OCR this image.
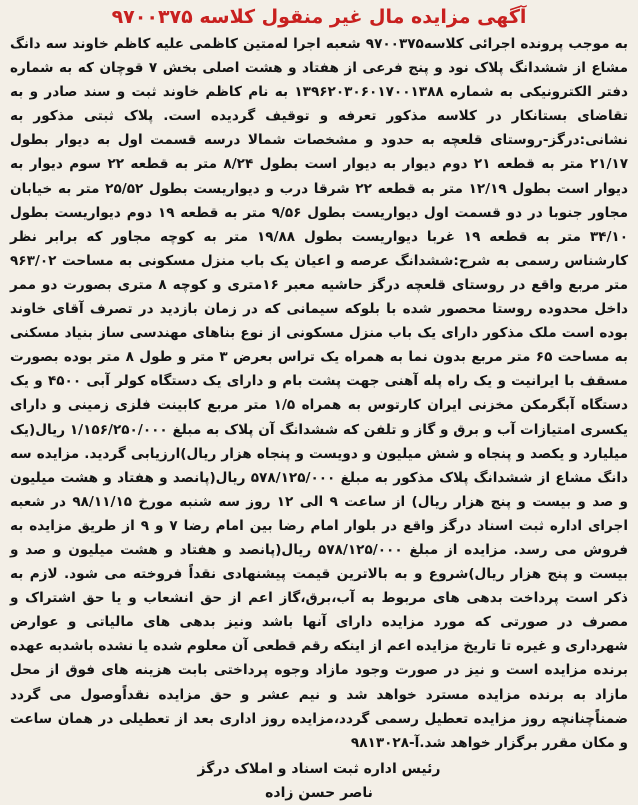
آگهی مزایده مال غیر منقول کلاسه ۹۷۰۰۳۷۵

به موجب پرونده اجرائی کلاسه۹۷۰۰۳۷۵ شعبه اجرا له‌متین کاظمی علیه کاظم خاوند سه دانگ مشاع از ششدانگ پلاک نود و پنج فرعی از هفتاد و هشت اصلی بخش ۷ قوچان که به شماره دفتر الکترونیکی به شماره ۱۳۹۶۲۰۳۰۶۰۱۷۰۰۱۳۸۸ به نام کاظم خاوند ثبت و سند صادر و به تقاضای بستانکار در کلاسه مذکور تعرفه و توقیف گردیده است. پلاک ثبتی مذکور به نشانی:درگز-روستای قلعچه به حدود و مشخصات شمالا درسه قسمت اول به دیوار بطول ۲۱/۱۷ متر به قطعه ۲۱ دوم دیوار به دیوار است بطول ۸/۲۴ متر به قطعه ۲۲ سوم دیوار به دیوار است بطول ۱۲/۱۹ متر به قطعه ۲۲ شرقا درب و دیواریست بطول ۲۵/۵۲ متر به خیابان مجاور جنوبا در دو قسمت اول دیواریست بطول ۹/۵۶ متر به قطعه ۱۹ دوم دیواریست بطول ۳۴/۱۰ متر به قطعه ۱۹ غربا دیواریست بطول ۱۹/۸۸ متر به کوچه مجاور که برابر نظر کارشناس رسمی به شرح:ششدانگ عرصه و اعیان یک باب منزل مسکونی به مساحت ۹۶۳/۰۲ متر مربع واقع در روستای قلعچه درگز حاشیه معبر ۱۶متری و کوچه ۸ متری بصورت دو ممر داخل محدوده روستا محصور شده با بلوکه سیمانی که در زمان بازدید در تصرف آقای خاوند بوده است ملک مذکور دارای یک باب منزل مسکونی از نوع بناهای مهندسی ساز بنیاد مسکنی به مساحت ۶۵ متر مربع بدون نما به همراه یک تراس بعرض ۳ متر و طول ۸ متر بوده بصورت مسقف با ایرانیت و یک راه پله آهنی جهت پشت بام و دارای یک دستگاه کولر آبی ۴۵۰۰ و یک دستگاه آبگرمکن مخزنی ایران کارتوس به همراه ۱/۵ متر مربع کابینت فلزی زمینی و دارای یکسری امتیازات آب و برق و گاز و تلفن که ششدانگ آن پلاک به مبلغ ۱/۱۵۶/۲۵۰/۰۰۰ ریال(یک میلیارد و یکصد و پنجاه و شش میلیون و دویست و پنجاه هزار ریال)ارزیابی گردید. مزایده سه دانگ مشاع از ششدانگ پلاک مذکور به مبلغ ۵۷۸/۱۲۵/۰۰۰ ریال(پانصد و هفتاد و هشت میلیون و صد و بیست و پنج هزار ریال) از ساعت ۹ الی ۱۲ روز سه شنبه مورخ ۹۸/۱۱/۱۵ در شعبه اجرای اداره ثبت اسناد درگز واقع در بلوار امام رضا بین امام رضا ۷ و ۹ از طریق مزایده به فروش می رسد. مزایده از مبلغ ۵۷۸/۱۲۵/۰۰۰ ریال(پانصد و هفتاد و هشت میلیون و صد و بیست و پنج هزار ریال)شروع و به بالاترین قیمت پیشنهادی نقداً فروخته می شود. لازم به ذکر است پرداخت بدهی های مربوط به آب،برق،گاز اعم از حق انشعاب و یا حق اشتراک و مصرف در صورتی که مورد مزایده دارای آنها باشد ونیز بدهی های مالیاتی و عوارض شهرداری و غیره تا تاریخ مزایده اعم از اینکه رقم قطعی آن معلوم شده یا نشده باشدبه عهده برنده مزایده است و نیز در صورت وجود مازاد وجوه پرداختی بابت هزینه های فوق از محل مازاد به برنده مزایده مسترد خواهد شد و نیم عشر و حق مزایده نقداًوصول می گردد ضمناًچنانچه روز مزایده تعطیل رسمی گردد،مزایده روز اداری بعد از تعطیلی در همان ساعت و مکان مقرر برگزار خواهد شد.آ-۹۸۱۳۰۲۸

رئیس اداره ثبت اسناد و املاک درگز
ناصر حسن زاده
